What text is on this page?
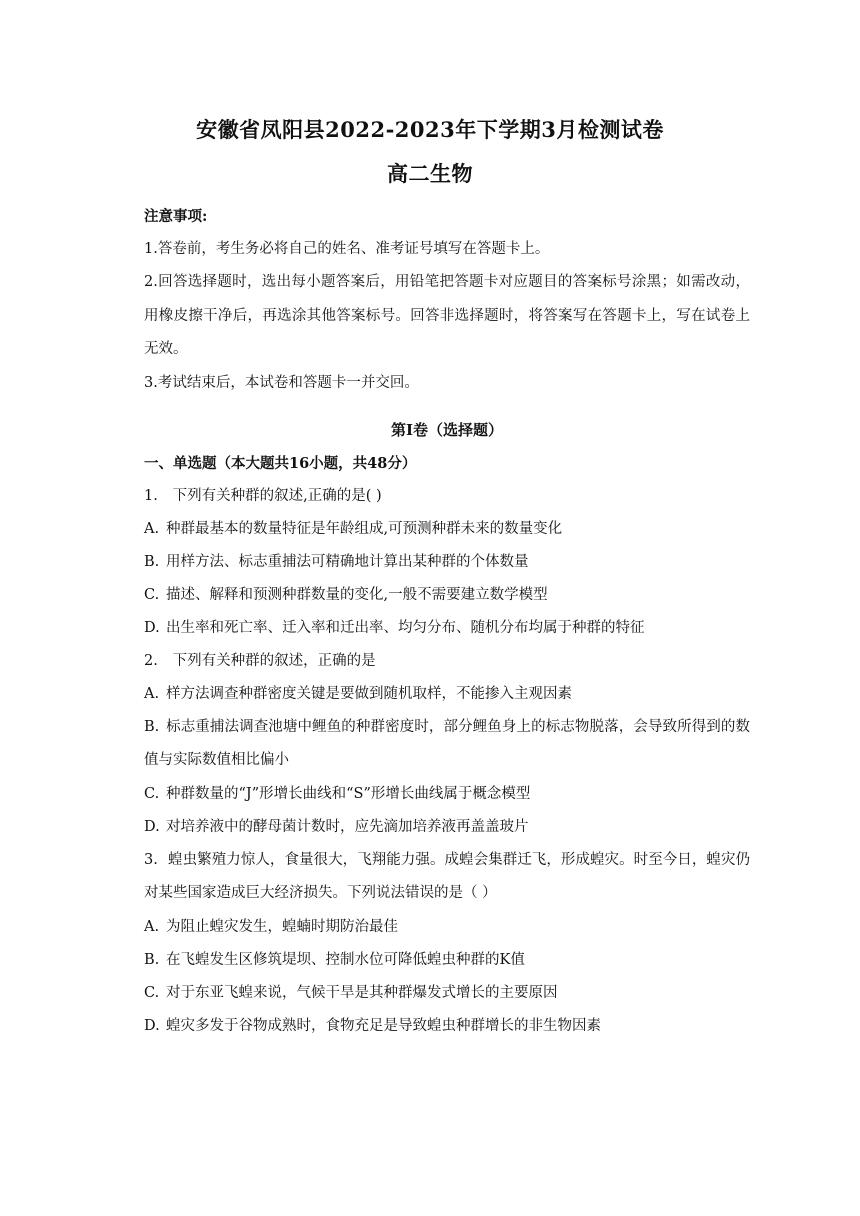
安徽省凤阳县2022-2023年下学期3月检测试卷
高二生物
注意事项:
1.答卷前，考生务必将自己的姓名、准考证号填写在答题卡上。
2.回答选择题时，选出每小题答案后，用铅笔把答题卡对应题目的答案标号涂黑；如需改动，用橡皮擦干净后，再选涂其他答案标号。回答非选择题时，将答案写在答题卡上，写在试卷上无效。
3.考试结束后，本试卷和答题卡一并交回。
第I卷（选择题）
一、单选题（本大题共16小题，共48分）
1. 下列有关种群的叙述,正确的是( )
A. 种群最基本的数量特征是年龄组成,可预测种群未来的数量变化
B. 用样方法、标志重捕法可精确地计算出某种群的个体数量
C. 描述、解释和预测种群数量的变化,一般不需要建立数学模型
D. 出生率和死亡率、迁入率和迁出率、均匀分布、随机分布均属于种群的特征
2. 下列有关种群的叙述，正确的是
A. 样方法调查种群密度关键是要做到随机取样，不能掺入主观因素
B. 标志重捕法调查池塘中鲤鱼的种群密度时，部分鲤鱼身上的标志物脱落，会导致所得到的数值与实际数值相比偏小
C. 种群数量的“J”形增长曲线和“S”形增长曲线属于概念模型
D. 对培养液中的酵母菌计数时，应先滴加培养液再盖盖玻片
3. 蝗虫繁殖力惊人，食量很大，飞翔能力强。成蝗会集群迁飞，形成蝗灾。时至今日，蝗灾仍对某些国家造成巨大经济损失。下列说法错误的是（ ）
A. 为阻止蝗灾发生，蝗蝻时期防治最佳
B. 在飞蝗发生区修筑堤坝、控制水位可降低蝗虫种群的K值
C. 对于东亚飞蝗来说，气候干旱是其种群爆发式增长的主要原因
D. 蝗灾多发于谷物成熟时，食物充足是导致蝗虫种群增长的非生物因素
